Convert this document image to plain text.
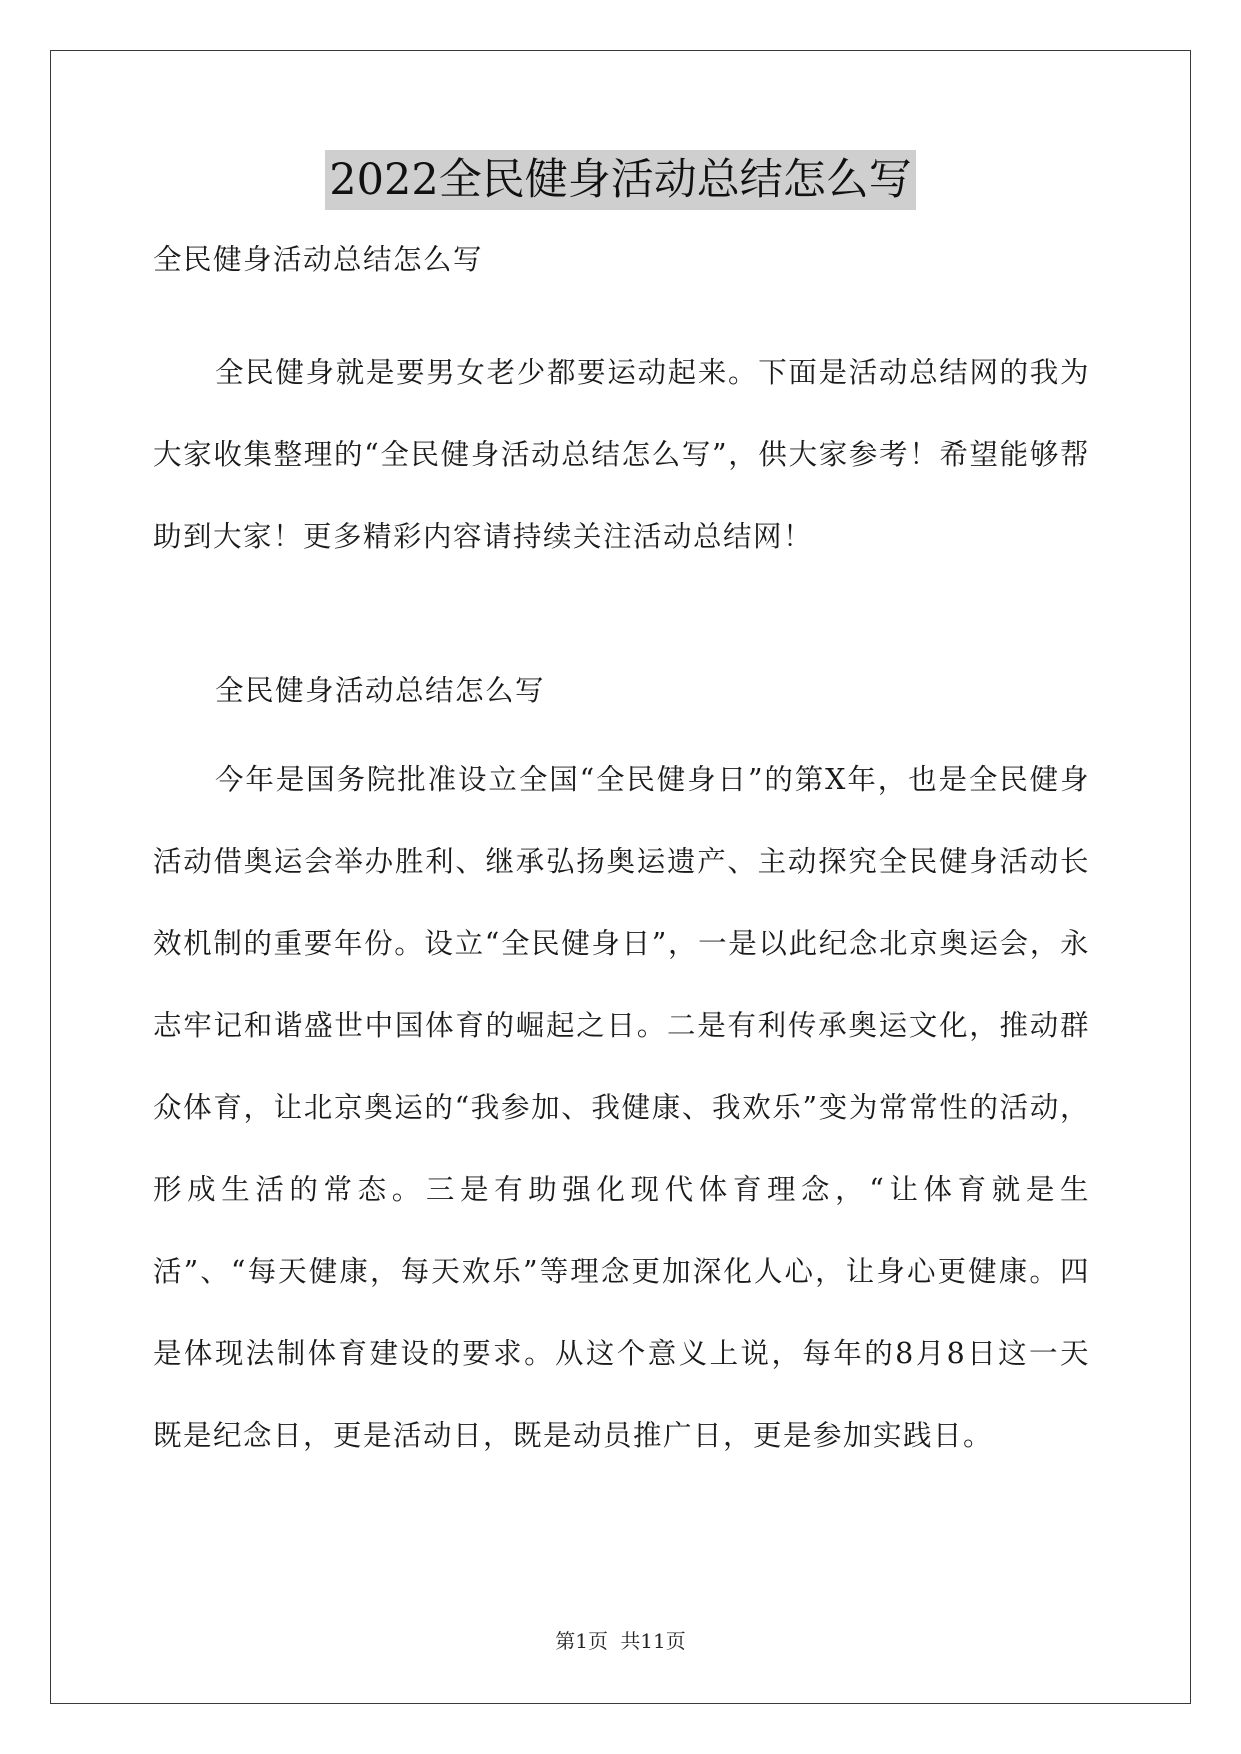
2022全民健身活动总结怎么写
全民健身活动总结怎么写
全民健身就是要男女老少都要运动起来。下面是活动总结网的我为大家收集整理的“全民健身活动总结怎么写”，供大家参考！希望能够帮助到大家！更多精彩内容请持续关注活动总结网！
全民健身活动总结怎么写
今年是国务院批准设立全国“全民健身日”的第X年，也是全民健身活动借奥运会举办胜利、继承弘扬奥运遗产、主动探究全民健身活动长效机制的重要年份。设立“全民健身日”，一是以此纪念北京奥运会，永志牢记和谐盛世中国体育的崛起之日。二是有利传承奥运文化，推动群众体育，让北京奥运的“我参加、我健康、我欢乐”变为常常性的活动，形成生活的常态。三是有助强化现代体育理念，“让体育就是生活”、“每天健康，每天欢乐”等理念更加深化人心，让身心更健康。四是体现法制体育建设的要求。从这个意义上说，每年的8月8日这一天既是纪念日，更是活动日，既是动员推广日，更是参加实践日。
第1页 共11页
